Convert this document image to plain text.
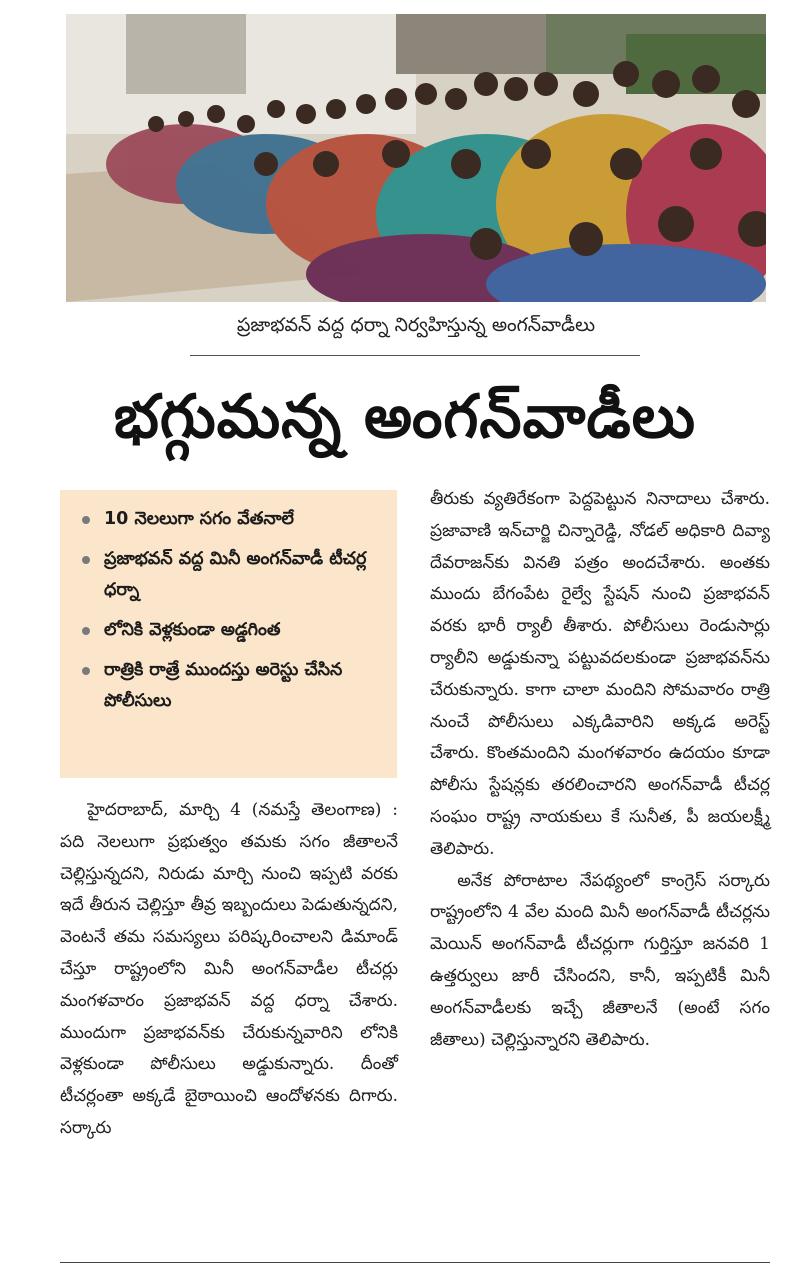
ప్రజాభవన్ వద్ద ధర్నా నిర్వహిస్తున్న అంగన్‌వాడీలు
భగ్గుమన్న అంగన్‌వాడీలు
10 నెలలుగా సగం వేతనాలే
ప్రజాభవన్ వద్ద మినీ అంగన్‌వాడీ టీచర్ల ధర్నా
లోనికి వెళ్లకుండా అడ్డగింత
రాత్రికి రాత్రే ముందస్తు అరెస్టు చేసిన పోలీసులు

హైదరాబాద్, మార్చి 4 (నమస్తే తెలంగాణ) : పది నెలలుగా ప్రభుత్వం తమకు సగం జీతాలనే చెల్లిస్తున్నదని, నిరుడు మార్చి నుంచి ఇప్పటి వరకు ఇదే తీరున చెల్లిస్తూ తీవ్ర ఇబ్బందులు పెడుతున్నదని, వెంటనే తమ సమస్యలు పరిష్కరించాలని డిమాండ్ చేస్తూ రాష్ట్రంలోని మినీ అంగన్‌వాడీల టీచర్లు మంగళవారం ప్రజాభవన్ వద్ద ధర్నా చేశారు. ముందుగా ప్రజాభవన్‌కు చేరుకున్నవారిని లోనికి వెళ్లకుండా పోలీసులు అడ్డుకున్నారు. దీంతో టీచర్లంతా అక్కడే బైఠాయించి ఆందోళనకు దిగారు. సర్కారు

తీరుకు వ్యతిరేకంగా పెద్దపెట్టున నినాదాలు చేశారు. ప్రజావాణి ఇన్‌చార్జి చిన్నారెడ్డి, నోడల్ అధికారి దివ్యా దేవరాజన్‌కు వినతి పత్రం అందచేశారు. అంతకు ముందు బేగంపేట రైల్వే స్టేషన్ నుంచి ప్రజాభవన్ వరకు భారీ ర్యాలీ తీశారు. పోలీసులు రెండుసార్లు ర్యాలీని అడ్డుకున్నా పట్టువదలకుండా ప్రజాభవన్‌ను చేరుకున్నారు. కాగా చాలా మందిని సోమవారం రాత్రి నుంచే పోలీసులు ఎక్కడివారిని అక్కడ అరెస్ట్ చేశారు. కొంతమందిని మంగళవారం ఉదయం కూడా పోలీసు స్టేషన్లకు తరలించారని అంగన్‌వాడీ టీచర్ల సంఘం రాష్ట్ర నాయకులు కే సునీత, పీ జయలక్ష్మీ తెలిపారు.

అనేక పోరాటాల నేపథ్యంలో కాంగ్రెస్ సర్కారు రాష్ట్రంలోని 4 వేల మంది మినీ అంగన్‌వాడీ టీచర్లను మెయిన్ అంగన్‌వాడీ టీచర్లుగా గుర్తిస్తూ జనవరి 1 ఉత్తర్వులు జారీ చేసిందని, కానీ, ఇప్పటికీ మినీ అంగన్‌వాడీలకు ఇచ్చే జీతాలనే (అంటే సగం జీతాలు) చెల్లిస్తున్నారని తెలిపారు.
